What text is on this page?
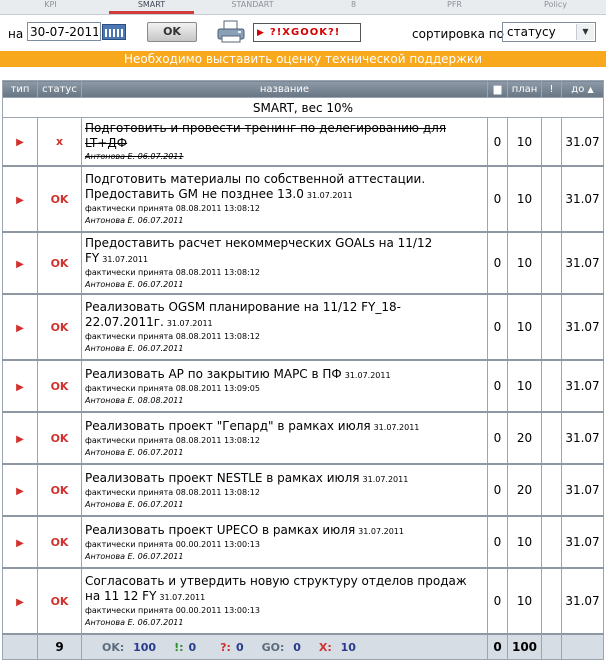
KPI	SMART	STANDART	8	PFR	Policy
на
30-07-2011	OK	▶ ?!XGOOK?!	сортировка по статусу	▼
Необходимо выставить оценку технической поддержки
тип	статус	название	▆	план	!	до ▲
SMART, вес 10%						
▶	x	Подготовить и провести тренинг по делегированию для LT+ДФ
Антонова Е. 06.07.2011	0	10		31.07
▶	OK	Подготовить материалы по собственной аттестации. Предоставить GM не позднее 13.0 31.07.2011
фактически принята 08.08.2011 13:08:12
Антонова Е. 06.07.2011	0	10		31.07
▶	OK	Предоставить расчет некоммерческих GOALs на 11/12 FY 31.07.2011
фактически принята 08.08.2011 13:08:12
Антонова Е. 06.07.2011	0	10		31.07
▶	OK	Реализовать OGSM планирование на 11/12 FY_18-22.07.2011г. 31.07.2011
фактически принята 08.08.2011 13:08:12
Антонова Е. 06.07.2011	0	10		31.07
▶	OK	Реализовать AP по закрытию МАРС в ПФ 31.07.2011
фактически принята 08.08.2011 13:09:05
Антонова Е. 08.08.2011	0	10		31.07
▶	OK	Реализовать проект "Гепард" в рамках июля 31.07.2011
фактически принята 08.08.2011 13:08:12
Антонова Е. 06.07.2011	0	20		31.07
▶	OK	Реализовать проект NESTLE в рамках июля 31.07.2011
фактически принята 08.08.2011 13:08:12
Антонова Е. 06.07.2011	0	20		31.07
▶	OK	Реализовать проект UPECO в рамках июля 31.07.2011
фактически принята 00.00.2011 13:00:13
Антонова Е. 06.07.2011	0	10		31.07
▶	OK	Согласовать и утвердить новую структуру отделов продаж на 11 12 FY 31.07.2011
фактически принята 00.00.2011 13:00:13
Антонова Е. 06.07.2011	0	10		31.07
	9	OK: 100 !: 0 ?: 0 GO: 0 X: 10	0	100		
